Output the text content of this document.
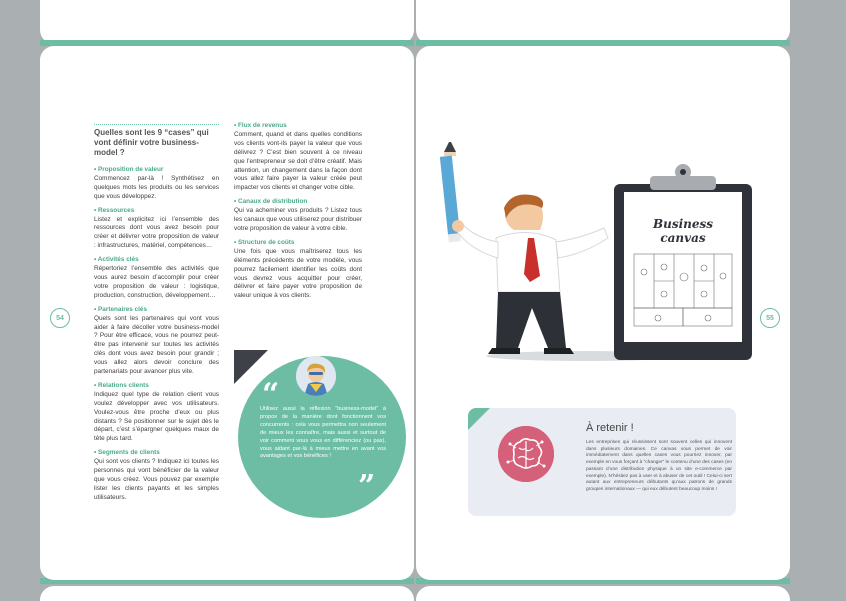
54
Quelles sont les 9 “cases” qui vont définir votre business-model ?
• Proposition de valeur
Commencez par-là ! Synthétisez en quelques mots les produits ou les services que vous développez.
• Ressources
Listez et explicitez ici l’ensemble des ressources dont vous avez besoin pour créer et délivrer votre proposition de valeur : infrastructures, matériel, compétences…
• Activités clés
Répertoriez l’ensemble des activités que vous aurez besoin d’accomplir pour créer votre proposition de valeur : logistique, production, construction, développement…
• Partenaires clés
Quels sont les partenaires qui vont vous aider à faire décoller votre business-model ? Pour être efficace, vous ne pourrez peut-être pas intervenir sur toutes les activités clés dont vous avez besoin pour grandir ; vous allez alors devoir conclure des partenariats pour avancer plus vite.
• Relations clients
Indiquez quel type de relation client vous voulez développer avec vos utilisateurs. Voulez-vous être proche d’eux ou plus distants ? Se positionner sur le sujet dès le départ, c’est s’épargner quelques maux de tête plus tard.
• Segments de clients
Qui sont vos clients ? Indiquez ici toutes les personnes qui vont bénéficier de la valeur que vous créez. Vous pouvez par exemple lister les clients payants et les simples utilisateurs.
• Flux de revenus
Comment, quand et dans quelles conditions vos clients vont-ils payer la valeur que vous délivrez ? C’est bien souvent à ce niveau que l’entrepreneur se doit d’être créatif. Mais attention, un changement dans la façon dont vous allez faire payer la valeur créée peut impacter vos clients et changer votre cible.
• Canaux de distribution
Qui va acheminer vos produits ? Listez tous les canaux que vous utiliserez pour distribuer votre proposition de valeur à votre cible.
• Structure de coûts
Une fois que vous maîtriserez tous les éléments précédents de votre modèle, vous pourrez facilement identifier les coûts dont vous devrez vous acquitter pour créer, délivrer et faire payer votre proposition de valeur unique à vos clients.
“
Utilisez aussi la réflexion “business-model” à propos de la manière dont fonctionnent vos concurrents : cela vous permettra non seulement de mieux les connaître, mais aussi et surtout de voir comment vous vous en différenciez (ou pas), vous aidant par-là à mieux mettre en avant vos avantages et vos bénéfices !
”
55
Business
canvas
À retenir !
Les entreprises qui réussissent sont souvent celles qui innovent dans plusieurs domaines. Ce canvas vous permet de voir immédiatement dans quelles cases vous pourriez innover, par exemple en vous forçant à “changer” le contenu d’une des cases (en passant d’une distribution physique à un site e-commerce par exemple). N’hésitez pas à user et à abuser de cet outil ! Celui-ci sert autant aux entrepreneurs débutants qu’aux patrons de grands groupes internationaux — qui eux débutent beaucoup moins !
